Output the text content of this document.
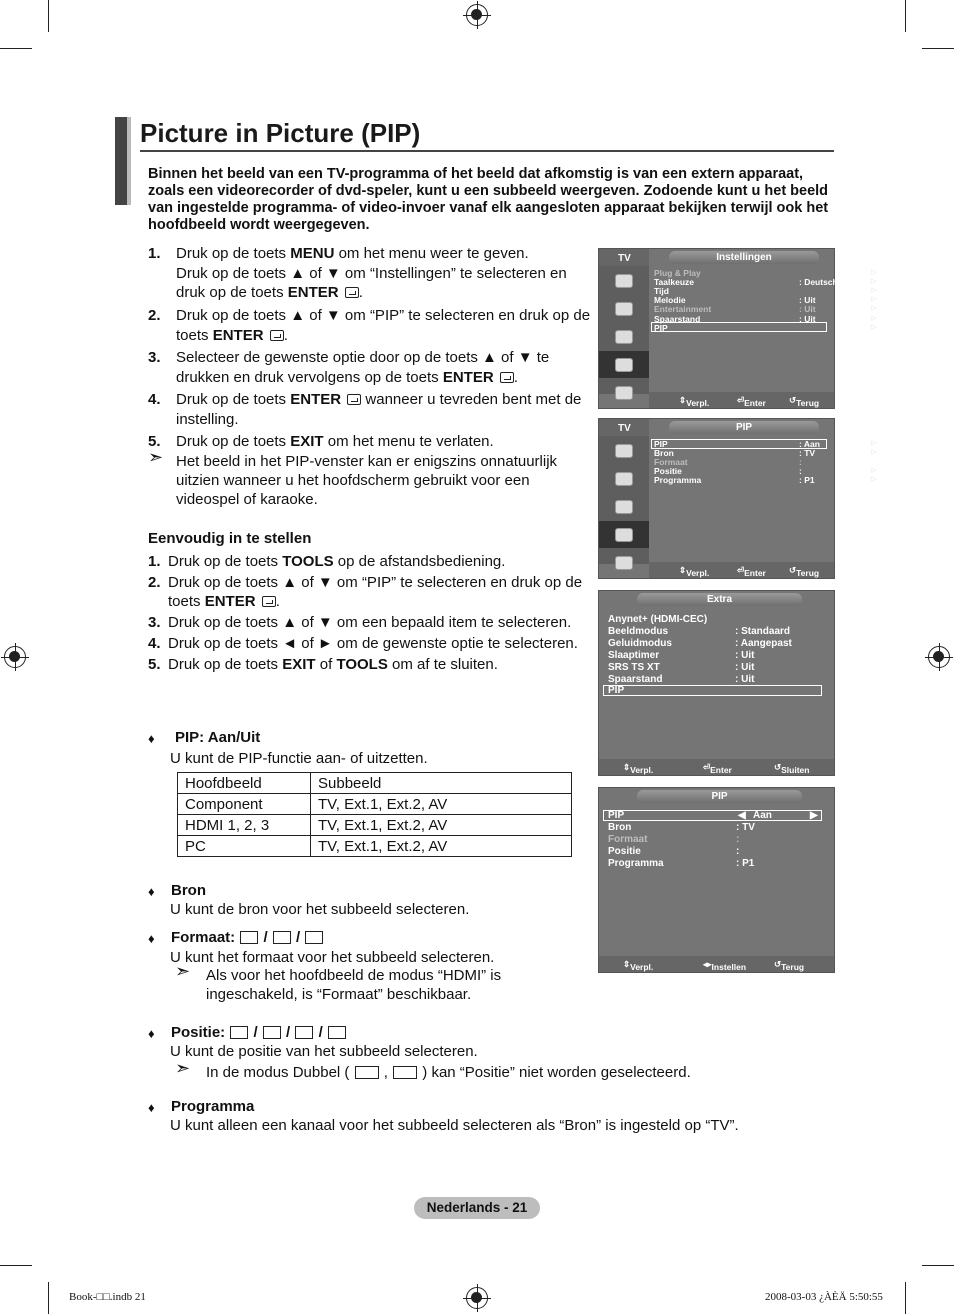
Picture in Picture (PIP)
Binnen het beeld van een TV-programma of het beeld dat afkomstig is van een extern apparaat, zoals een videorecorder of dvd-speler, kunt u een subbeeld weergeven. Zodoende kunt u het beeld van ingestelde programma- of video-invoer vanaf elk aangesloten apparaat bekijken terwijl ook het hoofdbeeld wordt weergegeven.
1. Druk op de toets MENU om het menu weer te geven.
Druk op de toets ▲ of ▼ om “Instellingen” te selecteren en
druk op de toets ENTER .
2. Druk op de toets ▲ of ▼ om “PIP” te selecteren en druk op de
toets ENTER .
3. Selecteer de gewenste optie door op de toets ▲ of ▼ te
drukken en druk vervolgens op de toets ENTER .
4. Druk op de toets ENTER  wanneer u tevreden bent met de
instelling.
5. Druk op de toets EXIT om het menu te verlaten.
➣ Het beeld in het PIP-venster kan er enigszins onnatuurlijk
uitzien wanneer u het hoofdscherm gebruikt voor een
videospel of karaoke.
Eenvoudig in te stellen
1. Druk op de toets TOOLS op de afstandsbediening.
2. Druk op de toets ▲ of ▼ om “PIP” te selecteren en druk op de
toets ENTER .
3. Druk op de toets ▲ of ▼ om een bepaald item te selecteren.
4. Druk op de toets ◄ of ► om de gewenste optie te selecteren.
5. Druk op de toets EXIT of TOOLS om af te sluiten.
♦ PIP: Aan/Uit
U kunt de PIP-functie aan- of uitzetten.
Hoofdbeeld	Subbeeld
Component	TV, Ext.1, Ext.2, AV
HDMI 1, 2, 3	TV, Ext.1, Ext.2, AV
PC	TV, Ext.1, Ext.2, AV
♦ Bron
U kunt de bron voor het subbeeld selecteren.
♦ Formaat: / /
U kunt het formaat voor het subbeeld selecteren.
➣ Als voor het hoofdbeeld de modus “HDMI” is
ingeschakeld, is “Formaat” beschikbaar.
♦ Positie: / / /
U kunt de positie van het subbeeld selecteren.
➣ In de modus Dubbel ( , ) kan “Positie” niet worden geselecteerd.
♦ Programma
U kunt alleen een kanaal voor het subbeeld selecteren als “Bron” is ingesteld op “TV”.
TV	Instellingen
Plug & Play	▷
Taalkeuze	: Deutsch	▷
Tijd	▷
Melodie	: Uit	▷
Entertainment	: Uit	▷
Spaarstand	: Uit	▷
PIP	▷
⇕ Verpl.	⏎ Enter	↺ Terug
TV	PIP
PIP	: Aan	▷
Bron	: TV	▷
Formaat	:
Positie	:	▷
Programma	: P1	▷
⇕ Verpl.	⏎ Enter	↺ Terug
Extra
Anynet+ (HDMI-CEC)
Beeldmodus	: Standaard
Geluidmodus	: Aangepast
Slaaptimer	: Uit
SRS TS XT	: Uit
Spaarstand	: Uit
PIP
⇕ Verpl.	⏎ Enter	↺ Sluiten
PIP
PIP	◀ Aan	▶
Bron	: TV
Formaat	:
Positie	:
Programma	: P1
⇕ Verpl.	◂▸ Instellen	↺ Terug
Nederlands - 21
Book-□□.indb 21	2008-03-03 ¿ÀÈÄ 5:50:55
